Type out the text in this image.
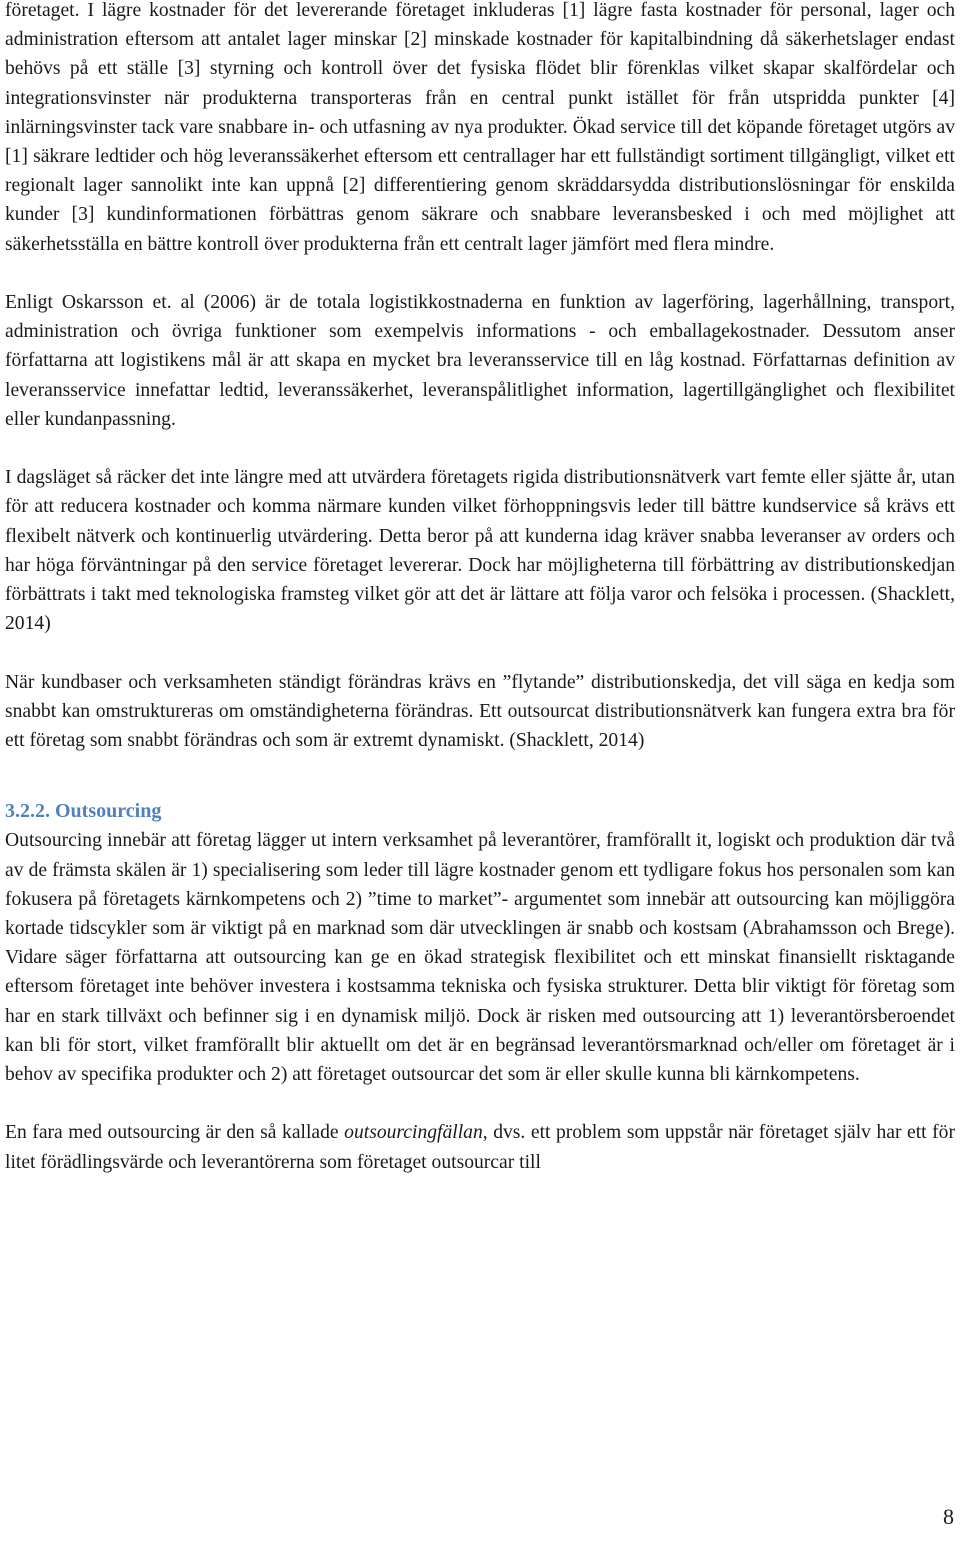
företaget. I lägre kostnader för det levererande företaget inkluderas [1] lägre fasta kostnader för personal, lager och administration eftersom att antalet lager minskar [2] minskade kostnader för kapitalbindning då säkerhetslager endast behövs på ett ställe [3] styrning och kontroll över det fysiska flödet blir förenklas vilket skapar skalfördelar och integrationsvinster när produkterna transporteras från en central punkt istället för från utspridda punkter [4] inlärningsvinster tack vare snabbare in- och utfasning av nya produkter. Ökad service till det köpande företaget utgörs av [1] säkrare ledtider och hög leveranssäkerhet eftersom ett centrallager har ett fullständigt sortiment tillgängligt, vilket ett regionalt lager sannolikt inte kan uppnå [2] differentiering genom skräddarsydda distributionslösningar för enskilda kunder [3] kundinformationen förbättras genom säkrare och snabbare leveransbesked i och med möjlighet att säkerhetsställa en bättre kontroll över produkterna från ett centralt lager jämfört med flera mindre.

Enligt Oskarsson et. al (2006) är de totala logistikkostnaderna en funktion av lagerföring, lagerhållning, transport, administration och övriga funktioner som exempelvis informations - och emballagekostnader. Dessutom anser författarna att logistikens mål är att skapa en mycket bra leveransservice till en låg kostnad. Författarnas definition av leveransservice innefattar ledtid, leveranssäkerhet, leveranspålitlighet information, lagertillgänglighet och flexibilitet eller kundanpassning.

I dagsläget så räcker det inte längre med att utvärdera företagets rigida distributionsnätverk vart femte eller sjätte år, utan för att reducera kostnader och komma närmare kunden vilket förhoppningsvis leder till bättre kundservice så krävs ett flexibelt nätverk och kontinuerlig utvärdering. Detta beror på att kunderna idag kräver snabba leveranser av orders och har höga förväntningar på den service företaget levererar. Dock har möjligheterna till förbättring av distributionskedjan förbättrats i takt med teknologiska framsteg vilket gör att det är lättare att följa varor och felsöka i processen. (Shacklett, 2014)

När kundbaser och verksamheten ständigt förändras krävs en ”flytande” distributionskedja, det vill säga en kedja som snabbt kan omstruktureras om omständigheterna förändras. Ett outsourcat distributionsnätverk kan fungera extra bra för ett företag som snabbt förändras och som är extremt dynamiskt. (Shacklett, 2014)

3.2.2. Outsourcing

Outsourcing innebär att företag lägger ut intern verksamhet på leverantörer, framförallt it, logiskt och produktion där två av de främsta skälen är 1) specialisering som leder till lägre kostnader genom ett tydligare fokus hos personalen som kan fokusera på företagets kärnkompetens och 2) ”time to market”- argumentet som innebär att outsourcing kan möjliggöra kortade tidscykler som är viktigt på en marknad som där utvecklingen är snabb och kostsam (Abrahamsson och Brege). Vidare säger författarna att outsourcing kan ge en ökad strategisk flexibilitet och ett minskat finansiellt risktagande eftersom företaget inte behöver investera i kostsamma tekniska och fysiska strukturer. Detta blir viktigt för företag som har en stark tillväxt och befinner sig i en dynamisk miljö. Dock är risken med outsourcing att 1) leverantörsberoendet kan bli för stort, vilket framförallt blir aktuellt om det är en begränsad leverantörsmarknad och/eller om företaget är i behov av specifika produkter och 2) att företaget outsourcar det som är eller skulle kunna bli kärnkompetens.

En fara med outsourcing är den så kallade outsourcingfällan, dvs. ett problem som uppstår när företaget själv har ett för litet förädlingsvärde och leverantörerna som företaget outsourcar till

8
